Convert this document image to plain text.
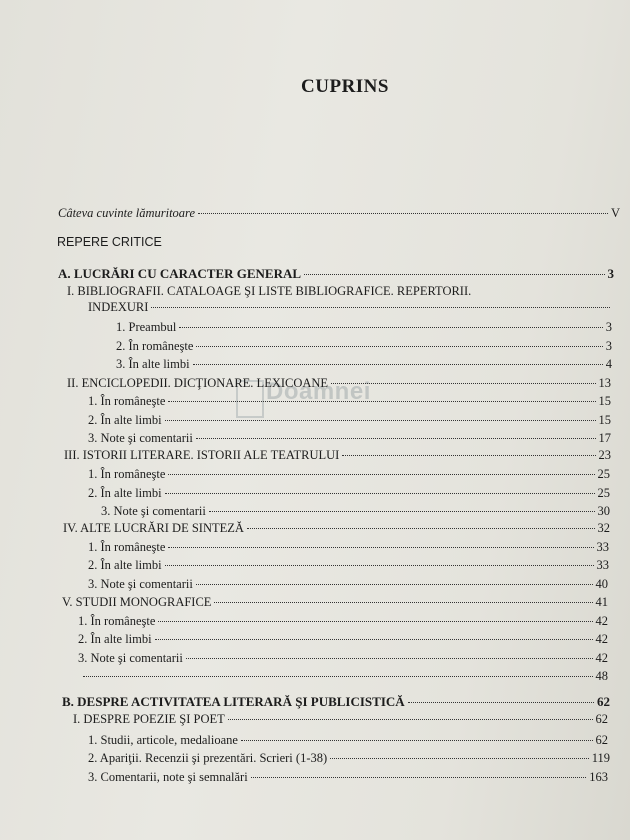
CUPRINS
Doamnei
Câteva cuvinte lămuritoare	V
REPERE CRITICE
A. LUCRĂRI CU CARACTER GENERAL	3
I. BIBLIOGRAFII. CATALOAGE ŞI LISTE BIBLIOGRAFICE. REPERTORII.
INDEXURI
1. Preambul	3
2. În româneşte	3
3. În alte limbi	4
II. ENCICLOPEDII. DICŢIONARE. LEXICOANE	13
1. În româneşte	15
2. În alte limbi	15
3. Note şi comentarii	17
III. ISTORII LITERARE. ISTORII ALE TEATRULUI	23
1. În româneşte	25
2. În alte limbi	25
3. Note şi comentarii	30
IV. ALTE LUCRĂRI DE SINTEZĂ	32
1. În româneşte	33
2. În alte limbi	33
3. Note şi comentarii	40
V. STUDII MONOGRAFICE	41
1. În româneşte	42
2. În alte limbi	42
3. Note şi comentarii	42
48
B. DESPRE ACTIVITATEA LITERARĂ ŞI PUBLICISTICĂ	62
I. DESPRE POEZIE ŞI POET	62
1. Studii, articole, medalioane	62
2. Apariţii. Recenzii şi prezentări. Scrieri (1-38)	119
3. Comentarii, note şi semnalări	163
